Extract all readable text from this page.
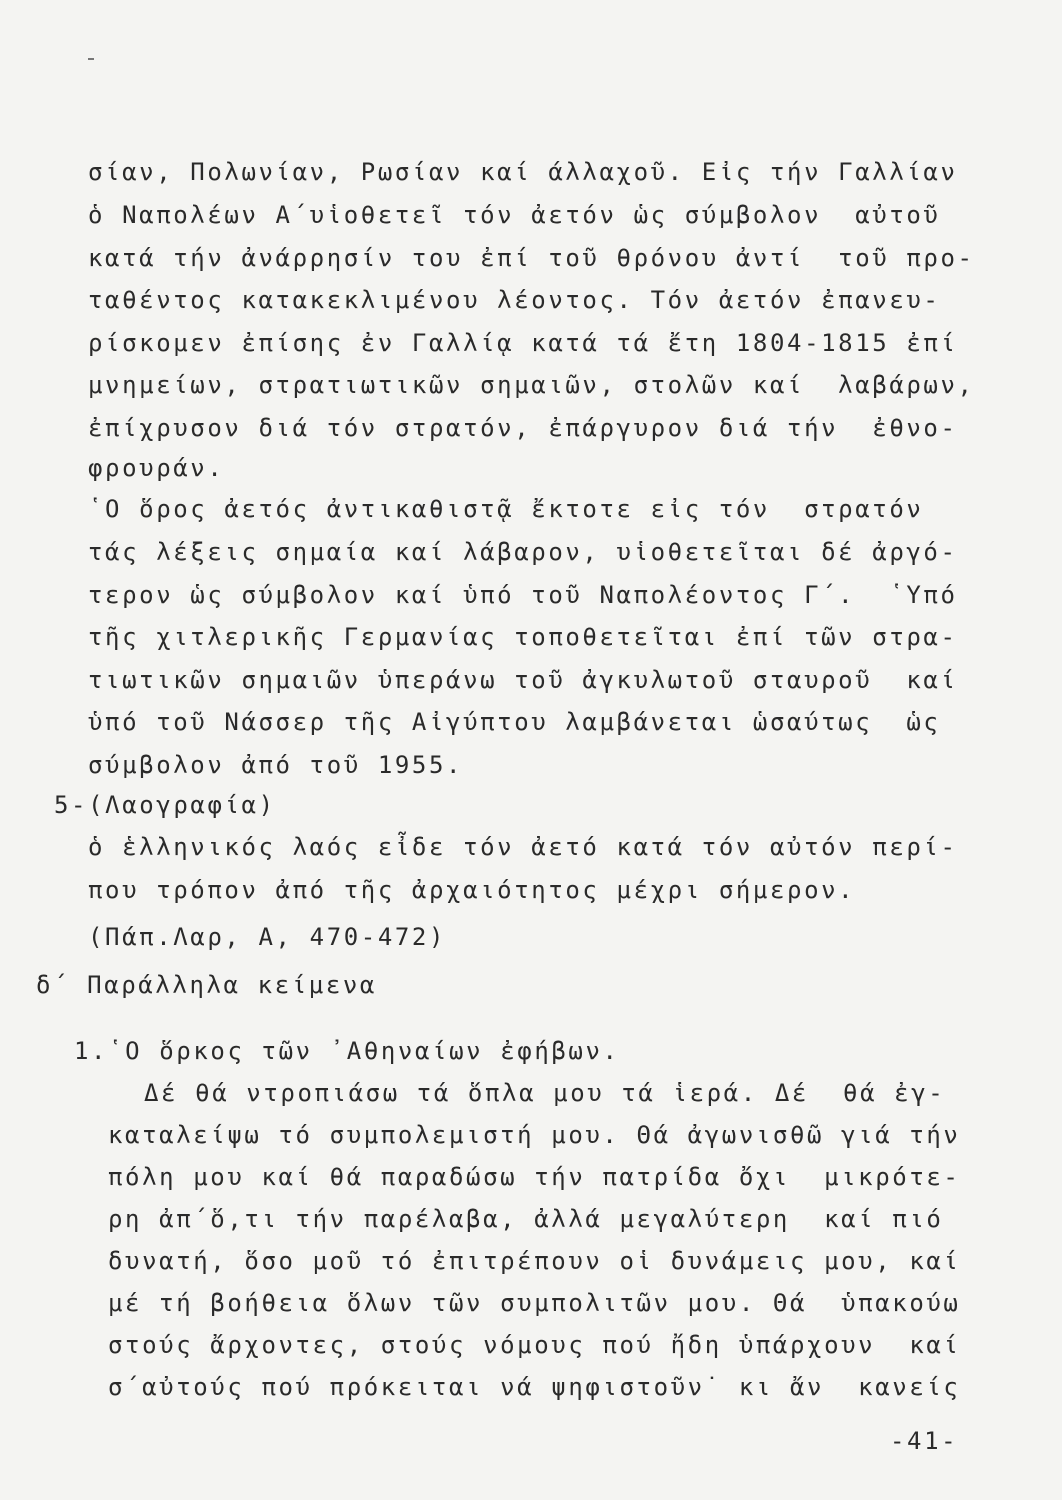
σίαν, Πολωνίαν, Ρωσίαν καί άλλαχοῦ. Εἰς τήν Γαλλίαν
ὁ Ναπολέων Α΄υἱοθετεῖ τόν ἀετόν ὡς σύμβολον  αὐτοῦ
κατά τήν ἀνάρρησίν του ἐπί τοῦ θρόνου ἀντί  τοῦ προ-
ταθέντος κατακεκλιμένου λέοντος. Τόν ἀετόν ἐπανευ-
ρίσκομεν ἐπίσης ἐν Γαλλίᾳ κατά τά ἔτη 1804-1815 ἐπί
μνημείων, στρατιωτικῶν σημαιῶν, στολῶν καί  λαβάρων,
ἐπίχρυσον διά τόν στρατόν, ἐπάργυρον διά τήν  ἐθνο-
φρουράν.
῾Ο ὅρος ἀετός ἀντικαθιστᾷ ἔκτοτε εἰς τόν  στρατόν
τάς λέξεις σημαία καί λάβαρον, υἱοθετεῖται δέ ἀργό-
τερον ὡς σύμβολον καί ὑπό τοῦ Ναπολέοντος Γ΄.  ῾Υπό
τῆς χιτλερικῆς Γερμανίας τοποθετεῖται ἐπί τῶν στρα-
τιωτικῶν σημαιῶν ὑπεράνω τοῦ ἀγκυλωτοῦ σταυροῦ  καί
ὑπό τοῦ Νάσσερ τῆς Αἰγύπτου λαμβάνεται ὡσαύτως  ὡς
σύμβολον ἀπό τοῦ 1955.
5-(Λαογραφία)
ὁ ἑλληνικός λαός εἶδε τόν ἀετό κατά τόν αὐτόν περί-
που τρόπον ἀπό τῆς ἀρχαιότητος μέχρι σήμερον.
(Πάπ.Λαρ, Α, 470-472)
δ΄ Παράλληλα κείμενα
1.῾Ο ὅρκος τῶν ᾿Αθηναίων ἐφήβων.
Δέ θά ντροπιάσω τά ὅπλα μου τά ἱερά. Δέ  θά ἐγ-
καταλείψω τό συμπολεμιστή μου. Θά ἀγωνισθῶ γιά τήν
πόλη μου καί θά παραδώσω τήν πατρίδα ὄχι  μικρότε-
ρη ἀπ΄ὅ,τι τήν παρέλαβα, ἀλλά μεγαλύτερη  καί πιό
δυνατή, ὅσο μοῦ τό ἐπιτρέπουν οἱ δυνάμεις μου, καί
μέ τή βοήθεια ὅλων τῶν συμπολιτῶν μου. Θά  ὑπακούω
στούς ἄρχοντες, στούς νόμους πού ἤδη ὑπάρχουν  καί
σ΄αὐτούς πού πρόκειται νά ψηφιστοῦν˙ κι ἄν  κανείς
-41-
